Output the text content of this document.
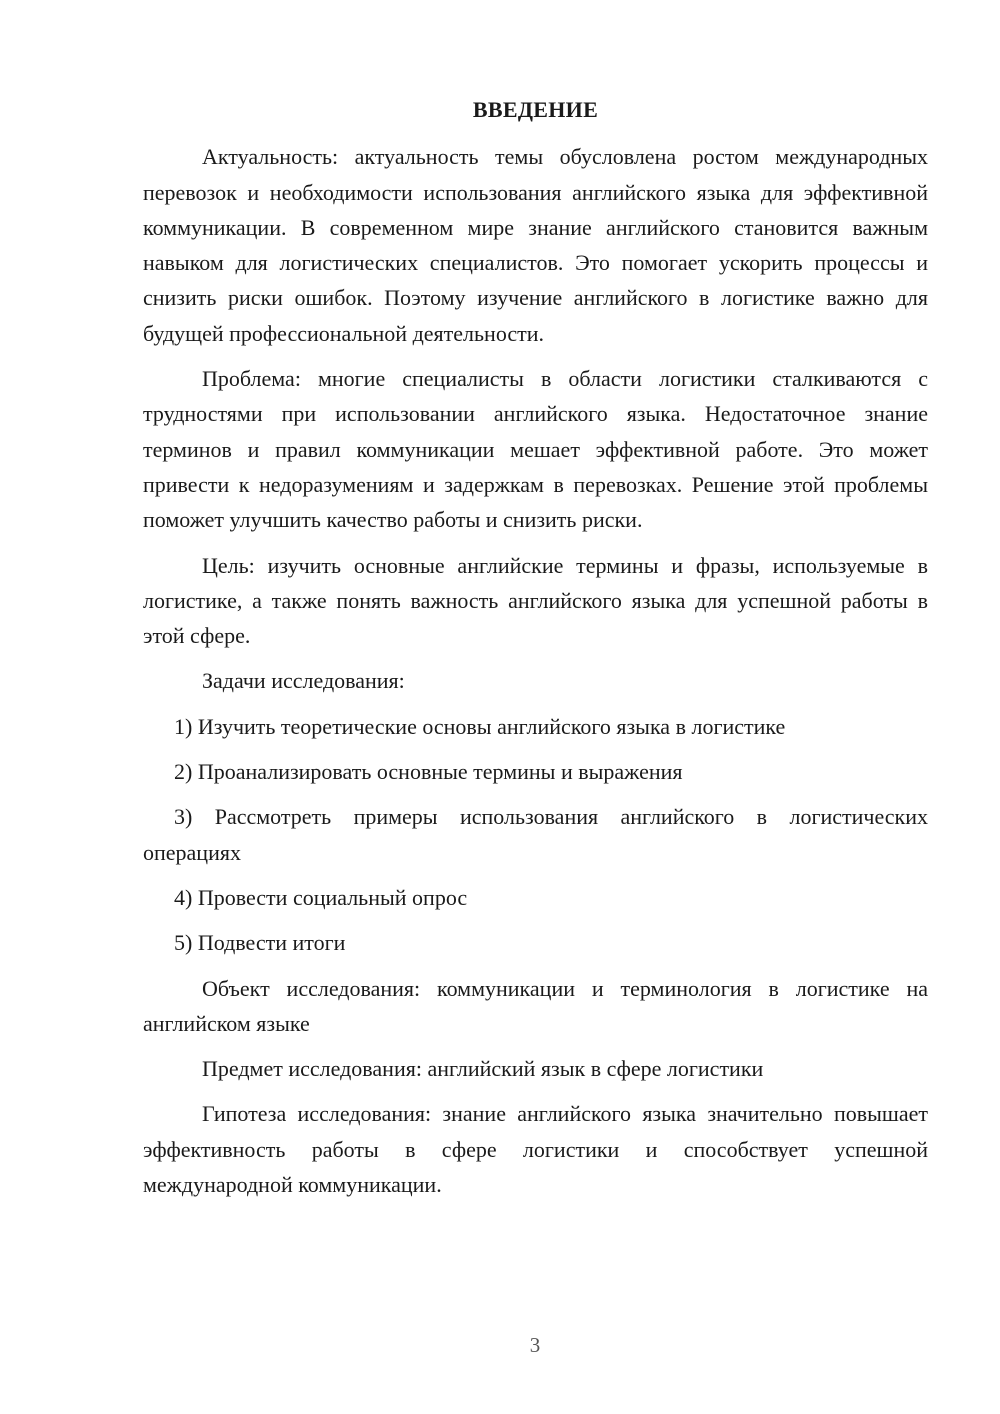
ВВЕДЕНИЕ

Актуальность: актуальность темы обусловлена ростом международных перевозок и необходимости использования английского языка для эффективной коммуникации. В современном мире знание английского становится важным навыком для логистических специалистов. Это помогает ускорить процессы и снизить риски ошибок. Поэтому изучение английского в логистике важно для будущей профессиональной деятельности.

Проблема: многие специалисты в области логистики сталкиваются с трудностями при использовании английского языка. Недостаточное знание терминов и правил коммуникации мешает эффективной работе. Это может привести к недоразумениям и задержкам в перевозках. Решение этой проблемы поможет улучшить качество работы и снизить риски.

Цель: изучить основные английские термины и фразы, используемые в логистике, а также понять важность английского языка для успешной работы в этой сфере.

Задачи исследования:

1) Изучить теоретические основы английского языка в логистике

2) Проанализировать основные термины и выражения

3) Рассмотреть примеры использования английского в логистических операциях

4) Провести социальный опрос

5) Подвести итоги

Объект исследования: коммуникации и терминология в логистике на английском языке

Предмет исследования: английский язык в сфере логистики

Гипотеза исследования: знание английского языка значительно повышает эффективность работы в сфере логистики и способствует успешной международной коммуникации.

3
